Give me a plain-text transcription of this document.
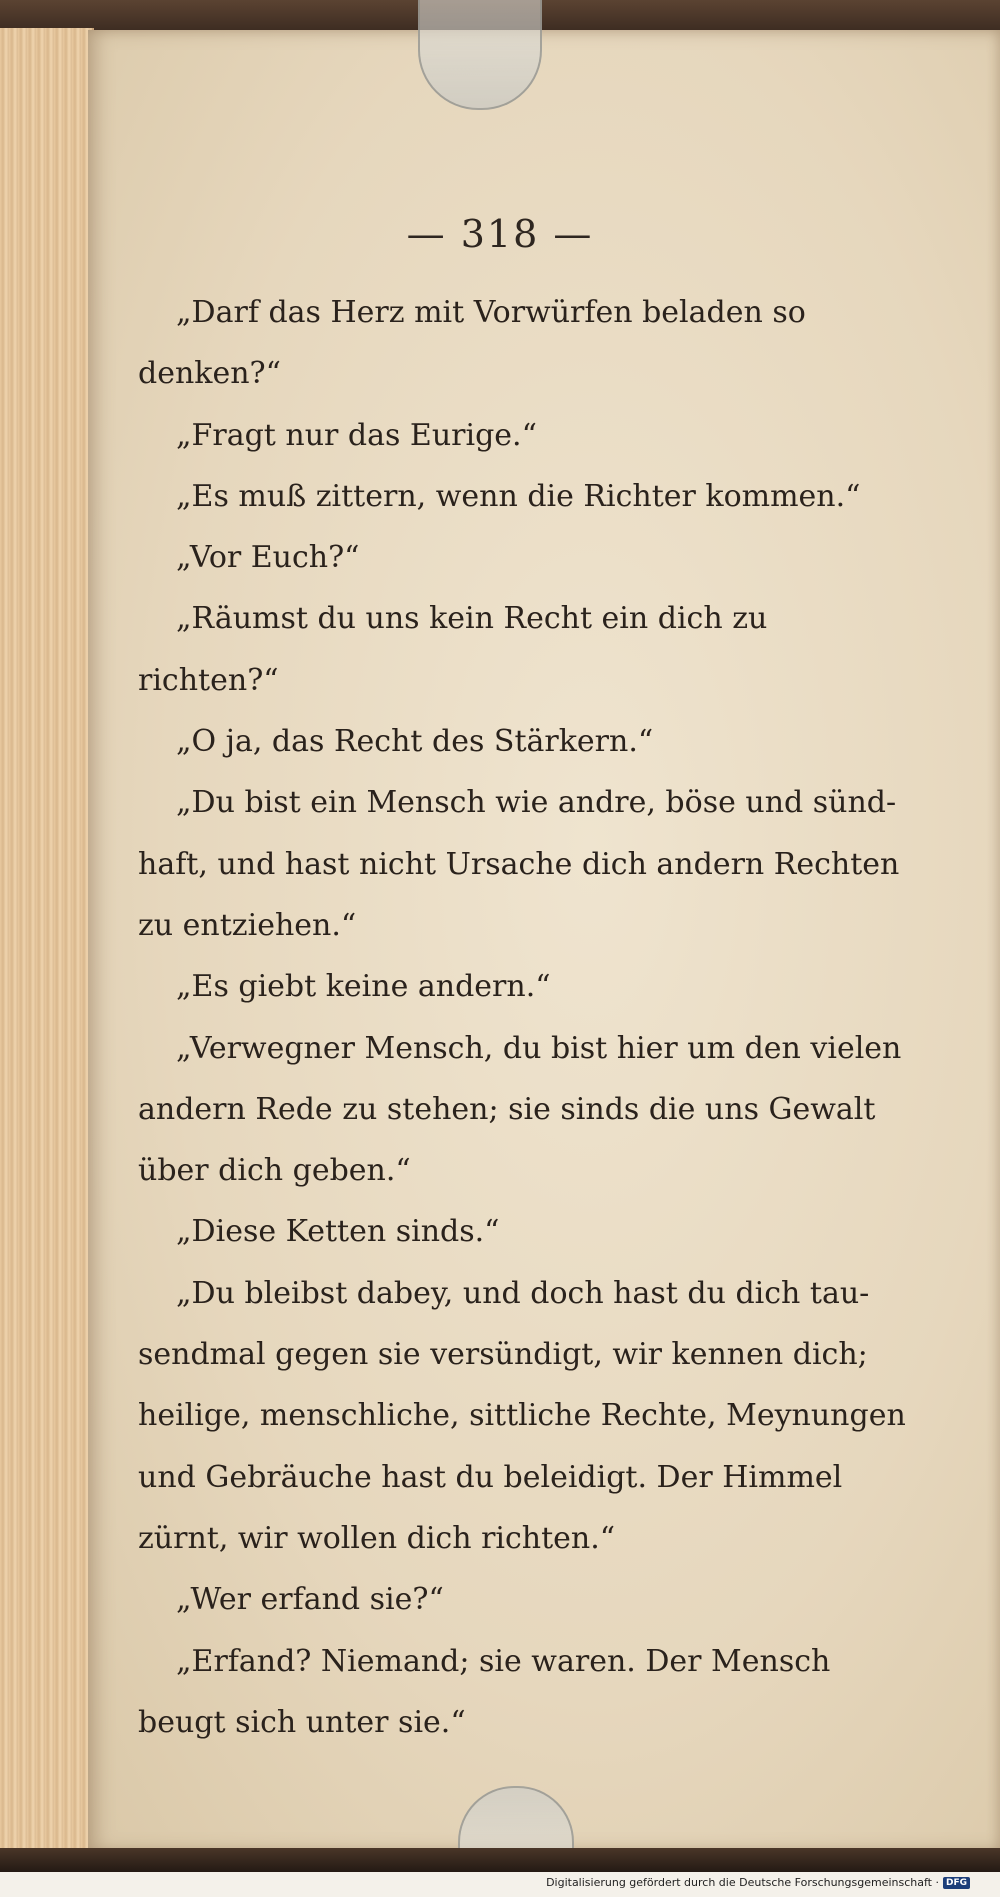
— 318 —
„Darf das Herz mit Vorwürfen beladen so
denken?“
„Fragt nur das Eurige.“
„Es muß zittern, wenn die Richter kommen.“
„Vor Euch?“
„Räumst du uns kein Recht ein dich zu
richten?“
„O ja, das Recht des Stärkern.“
„Du bist ein Mensch wie andre, böse und sünd-
haft, und hast nicht Ursache dich andern Rechten
zu entziehen.“
„Es giebt keine andern.“
„Verwegner Mensch, du bist hier um den vielen
andern Rede zu stehen; sie sinds die uns Gewalt
über dich geben.“
„Diese Ketten sinds.“
„Du bleibst dabey, und doch hast du dich tau-
sendmal gegen sie versündigt, wir kennen dich;
heilige, menschliche, sittliche Rechte, Meynungen
und Gebräuche hast du beleidigt. Der Himmel
zürnt, wir wollen dich richten.“
„Wer erfand sie?“
„Erfand? Niemand; sie waren. Der Mensch
beugt sich unter sie.“
Digitalisierung gefördert durch die Deutsche Forschungsgemeinschaft · DFG
